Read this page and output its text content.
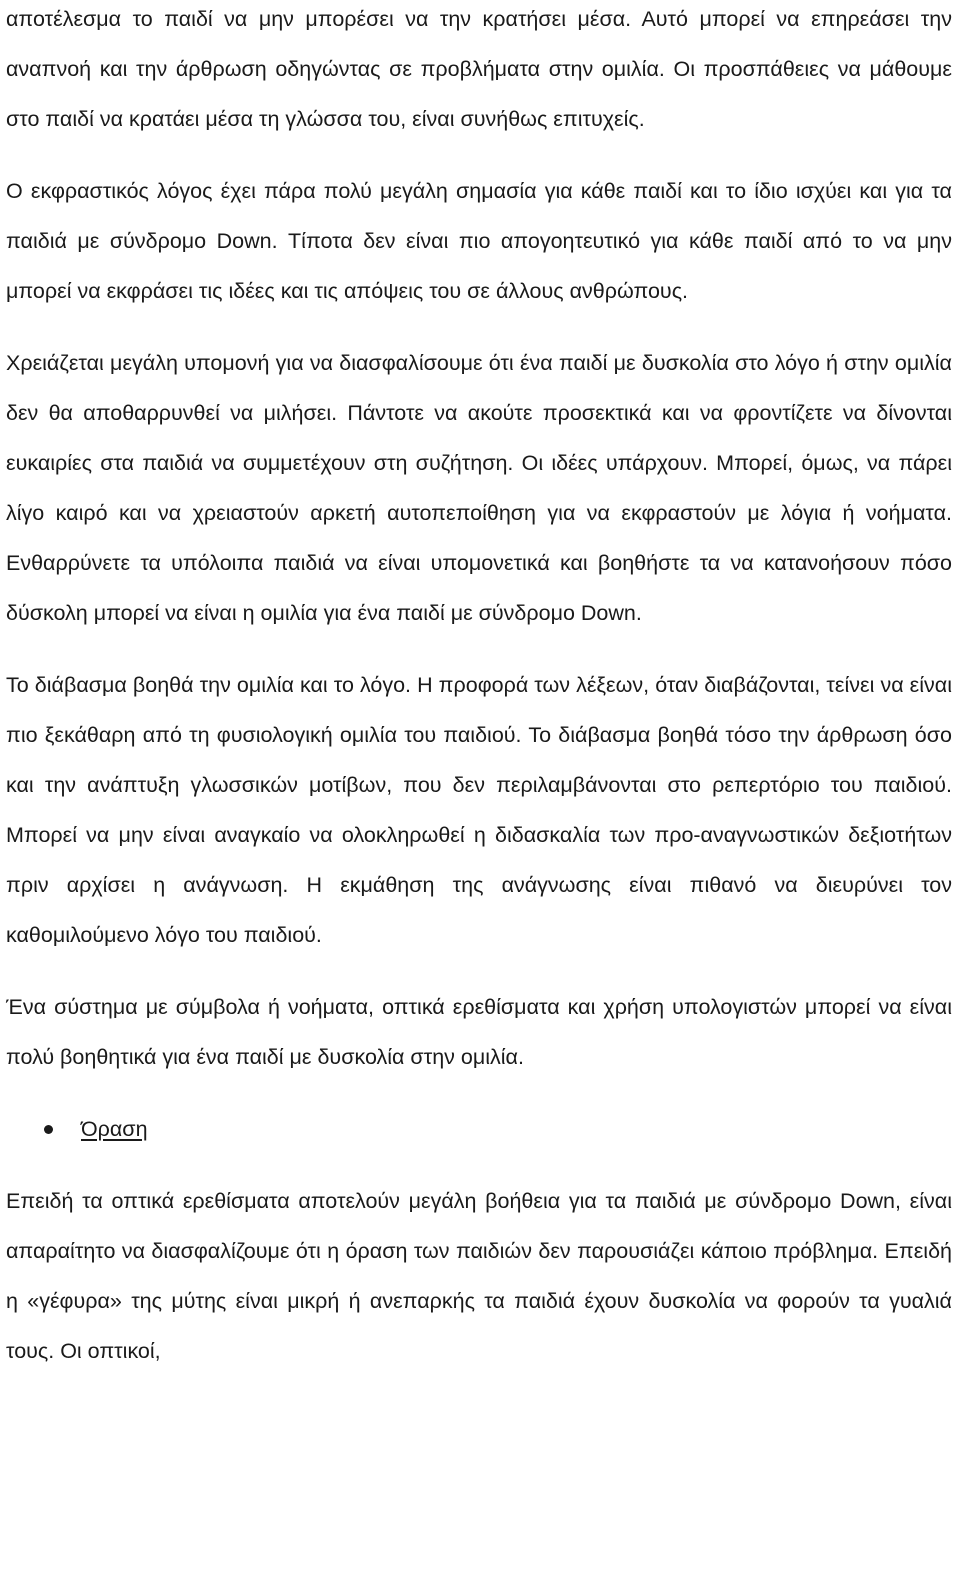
αποτέλεσμα το παιδί να μην μπορέσει να την κρατήσει μέσα. Αυτό μπορεί να επηρεάσει την αναπνοή και την άρθρωση οδηγώντας σε προβλήματα στην ομιλία. Οι προσπάθειες να μάθουμε στο παιδί να κρατάει μέσα τη γλώσσα του, είναι συνήθως επιτυχείς.

Ο εκφραστικός λόγος έχει πάρα πολύ μεγάλη σημασία για κάθε παιδί και το ίδιο ισχύει και για τα παιδιά με σύνδρομο Down. Τίποτα δεν είναι πιο απογοητευτικό για κάθε παιδί από το να μην μπορεί να εκφράσει τις ιδέες και τις απόψεις του σε άλλους ανθρώπους.

Χρειάζεται μεγάλη υπομονή για να διασφαλίσουμε ότι ένα παιδί με δυσκολία στο λόγο ή στην ομιλία δεν θα αποθαρρυνθεί να μιλήσει. Πάντοτε να ακούτε προσεκτικά και να φροντίζετε να δίνονται ευκαιρίες στα παιδιά να συμμετέχουν στη συζήτηση. Οι ιδέες υπάρχουν. Μπορεί, όμως, να πάρει λίγο καιρό και να χρειαστούν αρκετή αυτοπεποίθηση για να εκφραστούν με λόγια ή νοήματα. Ενθαρρύνετε τα υπόλοιπα παιδιά να είναι υπομονετικά και βοηθήστε τα να κατανοήσουν πόσο δύσκολη μπορεί να είναι η ομιλία για ένα παιδί με σύνδρομο Down.

Το διάβασμα βοηθά την ομιλία και το λόγο. Η προφορά των λέξεων, όταν διαβάζονται, τείνει να είναι πιο ξεκάθαρη από τη φυσιολογική ομιλία του παιδιού. Το διάβασμα βοηθά τόσο την άρθρωση όσο και την ανάπτυξη γλωσσικών μοτίβων, που δεν περιλαμβάνονται στο ρεπερτόριο του παιδιού. Μπορεί να μην είναι αναγκαίο να ολοκληρωθεί η διδασκαλία των προ-αναγνωστικών δεξιοτήτων πριν αρχίσει η ανάγνωση. Η εκμάθηση της ανάγνωσης είναι πιθανό να διευρύνει τον καθομιλούμενο λόγο του παιδιού.

Ένα σύστημα με σύμβολα ή νοήματα, οπτικά ερεθίσματα και χρήση υπολογιστών μπορεί να είναι πολύ βοηθητικά για ένα παιδί με δυσκολία στην ομιλία.

Όραση

Επειδή τα οπτικά ερεθίσματα αποτελούν μεγάλη βοήθεια για τα παιδιά με σύνδρομο Down, είναι απαραίτητο να διασφαλίζουμε ότι η όραση των παιδιών δεν παρουσιάζει κάποιο πρόβλημα. Επειδή η «γέφυρα» της μύτης είναι μικρή ή ανεπαρκής τα παιδιά έχουν δυσκολία να φορούν τα γυαλιά τους. Οι οπτικοί,
